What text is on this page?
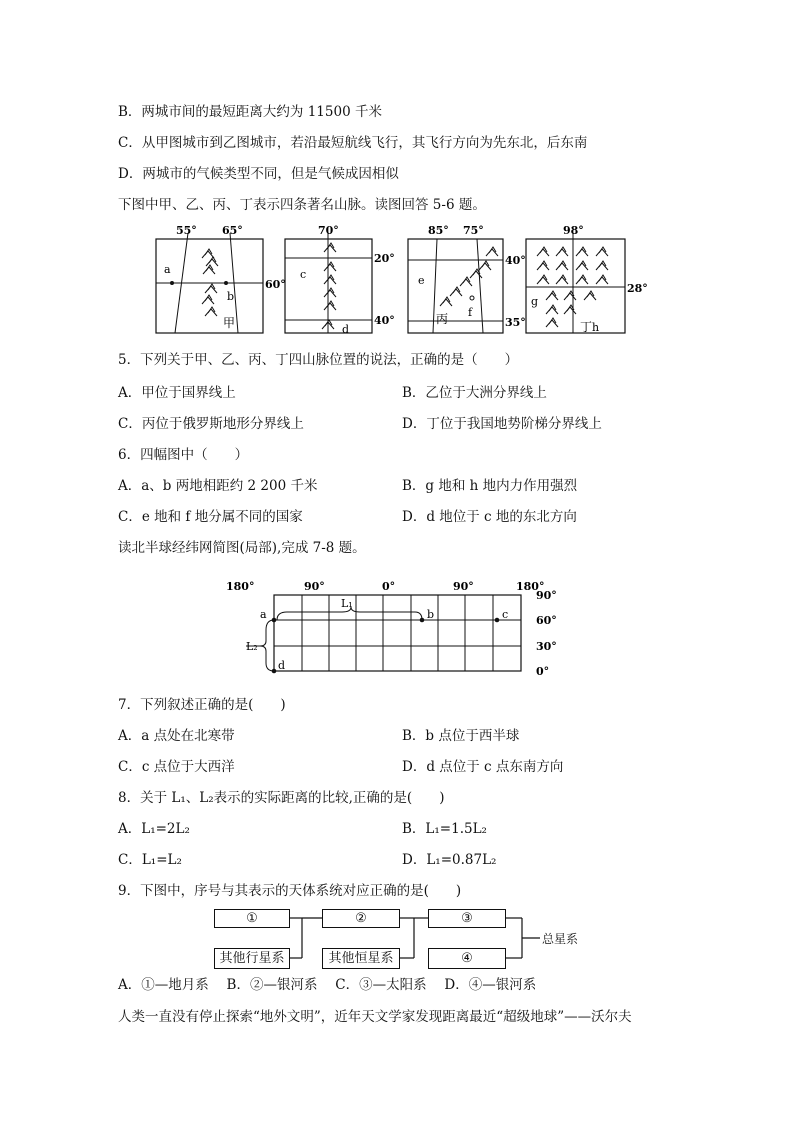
B．两城市间的最短距离大约为 11500 千米
C．从甲图城市到乙图城市，若沿最短航线飞行，其飞行方向为先东北，后东南
D．两城市的气候类型不同，但是气候成因相似
下图中甲、乙、丙、丁表示四条著名山脉。读图回答 5-6 题。
55° 65°
60°
a
b
甲
70°
20°
40°
c
d
85° 75°
40°
35°
e
f
丙
98°
28°
g
h
丁
5．下列关于甲、乙、丙、丁四山脉位置的说法，正确的是（　　）
A．甲位于国界线上	B．乙位于大洲分界线上
C．丙位于俄罗斯地形分界线上	D．丁位于我国地势阶梯分界线上
6．四幅图中（　　）
A．a、b 两地相距约 2 200 千米	B．g 地和 h 地内力作用强烈
C．e 地和 f 地分属不同的国家	D．d 地位于 c 地的东北方向
读北半球经纬网简图(局部),完成 7-8 题。
180°	90°	0°	90°	180°
90°
60°
30°
0°
L₁
L₂
a	b	c
d
7．下列叙述正确的是(　　)
A．a 点处在北寒带	B．b 点位于西半球
C．c 点位于大西洋	D．d 点位于 c 点东南方向
8．关于 L₁、L₂表示的实际距离的比较,正确的是(　　)
A．L₁=2L₂	B．L₁=1.5L₂
C．L₁=L₂	D．L₁=0.87L₂
9．下图中，序号与其表示的天体系统对应正确的是(　　)
①
其他行星系
②
其他恒星系
③
④
总星系
A．①—地月系　 B．②—银河系　 C．③—太阳系　 D．④—银河系
人类一直没有停止探索“地外文明”，近年天文学家发现距离最近“超级地球”——沃尔夫
